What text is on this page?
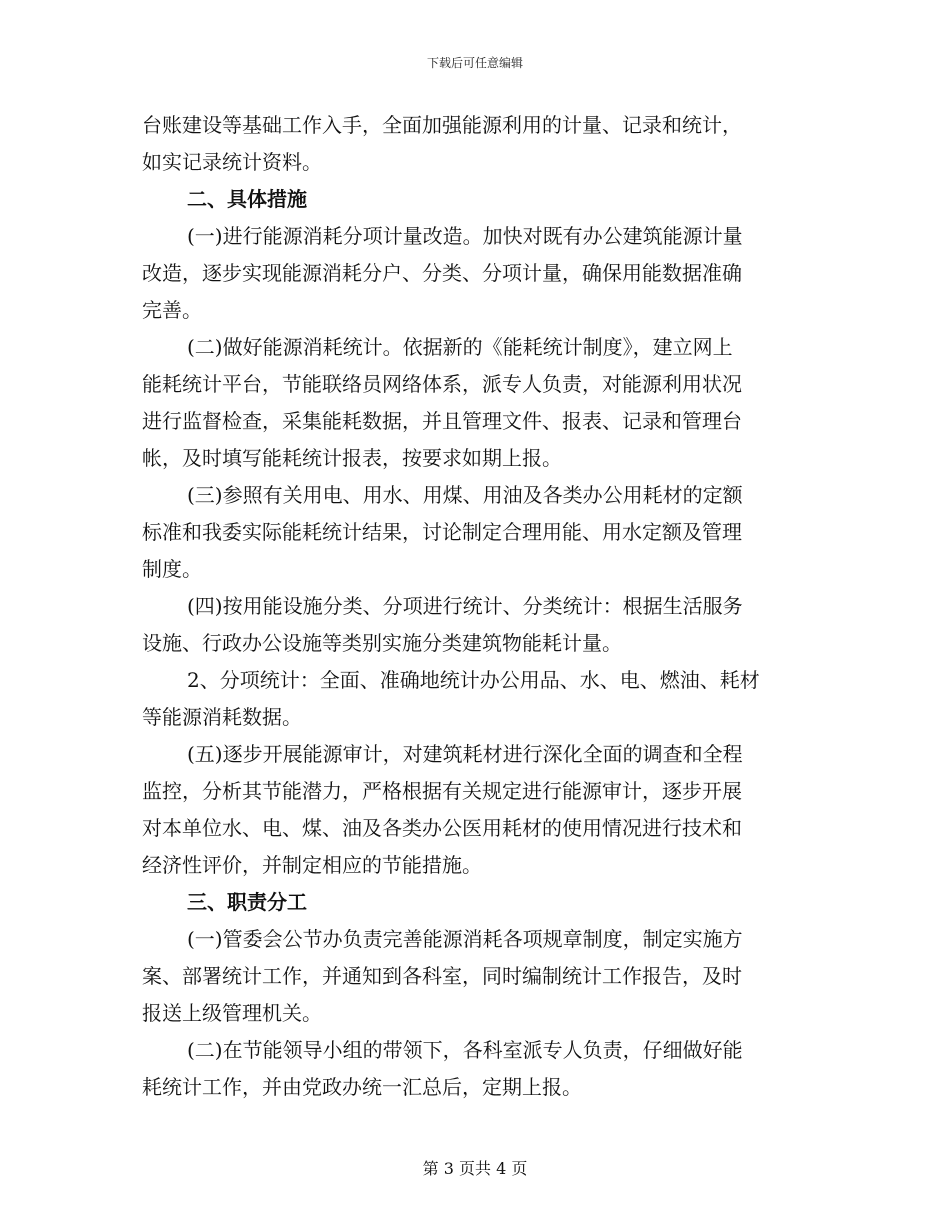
下载后可任意编辑
台账建设等基础工作入手，全面加强能源利用的计量、记录和统计，
如实记录统计资料。
二、具体措施
(一)进行能源消耗分项计量改造。加快对既有办公建筑能源计量
改造，逐步实现能源消耗分户、分类、分项计量，确保用能数据准确
完善。
(二)做好能源消耗统计。依据新的《能耗统计制度》，建立网上
能耗统计平台，节能联络员网络体系，派专人负责，对能源利用状况
进行监督检查，采集能耗数据，并且管理文件、报表、记录和管理台
帐，及时填写能耗统计报表，按要求如期上报。
(三)参照有关用电、用水、用煤、用油及各类办公用耗材的定额
标准和我委实际能耗统计结果，讨论制定合理用能、用水定额及管理
制度。
(四)按用能设施分类、分项进行统计、分类统计：根据生活服务
设施、行政办公设施等类别实施分类建筑物能耗计量。
2、分项统计：全面、准确地统计办公用品、水、电、燃油、耗材
等能源消耗数据。
(五)逐步开展能源审计，对建筑耗材进行深化全面的调查和全程
监控，分析其节能潜力，严格根据有关规定进行能源审计，逐步开展
对本单位水、电、煤、油及各类办公医用耗材的使用情况进行技术和
经济性评价，并制定相应的节能措施。
三、职责分工
(一)管委会公节办负责完善能源消耗各项规章制度，制定实施方
案、部署统计工作，并通知到各科室，同时编制统计工作报告，及时
报送上级管理机关。
(二)在节能领导小组的带领下，各科室派专人负责，仔细做好能
耗统计工作，并由党政办统一汇总后，定期上报。
第 3 页共 4 页
